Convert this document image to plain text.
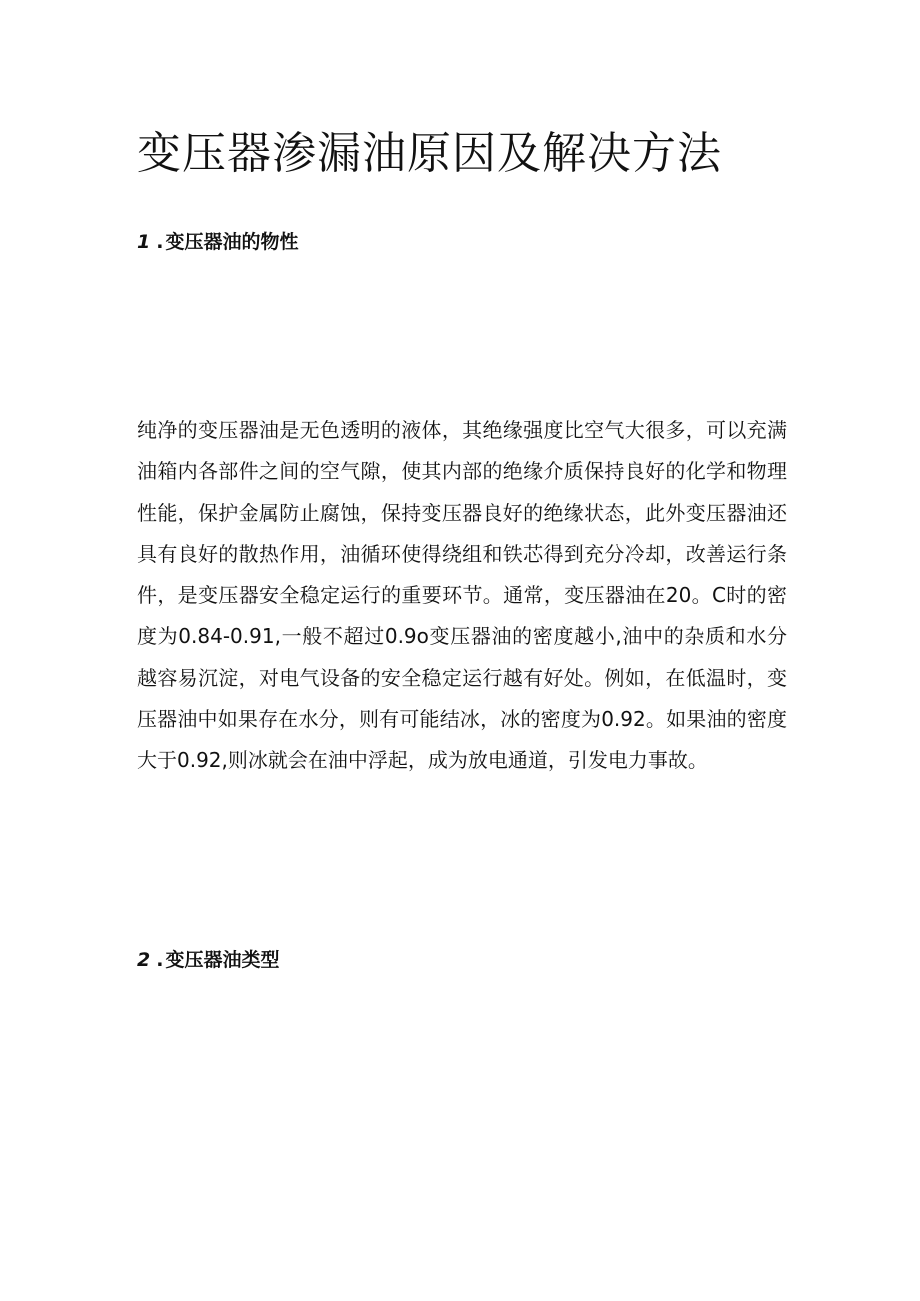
变压器渗漏油原因及解决方法
1 . 变压器油的物性
纯净的变压器油是无色透明的液体，其绝缘强度比空气大很多，可以充满
油箱内各部件之间的空气隙，使其内部的绝缘介质保持良好的化学和物理
性能，保护金属防止腐蚀，保持变压器良好的绝缘状态，此外变压器油还
具有良好的散热作用，油循环使得绕组和铁芯得到充分冷却，改善运行条
件，是变压器安全稳定运行的重要环节。通常，变压器油在20。C时的密
度为0.84-0.91,一般不超过0.9o变压器油的密度越小,油中的杂质和水分
越容易沉淀，对电气设备的安全稳定运行越有好处。例如，在低温时，变
压器油中如果存在水分，则有可能结冰，冰的密度为0.92。如果油的密度
大于0.92,则冰就会在油中浮起，成为放电通道，引发电力事故。
2 . 变压器油类型
